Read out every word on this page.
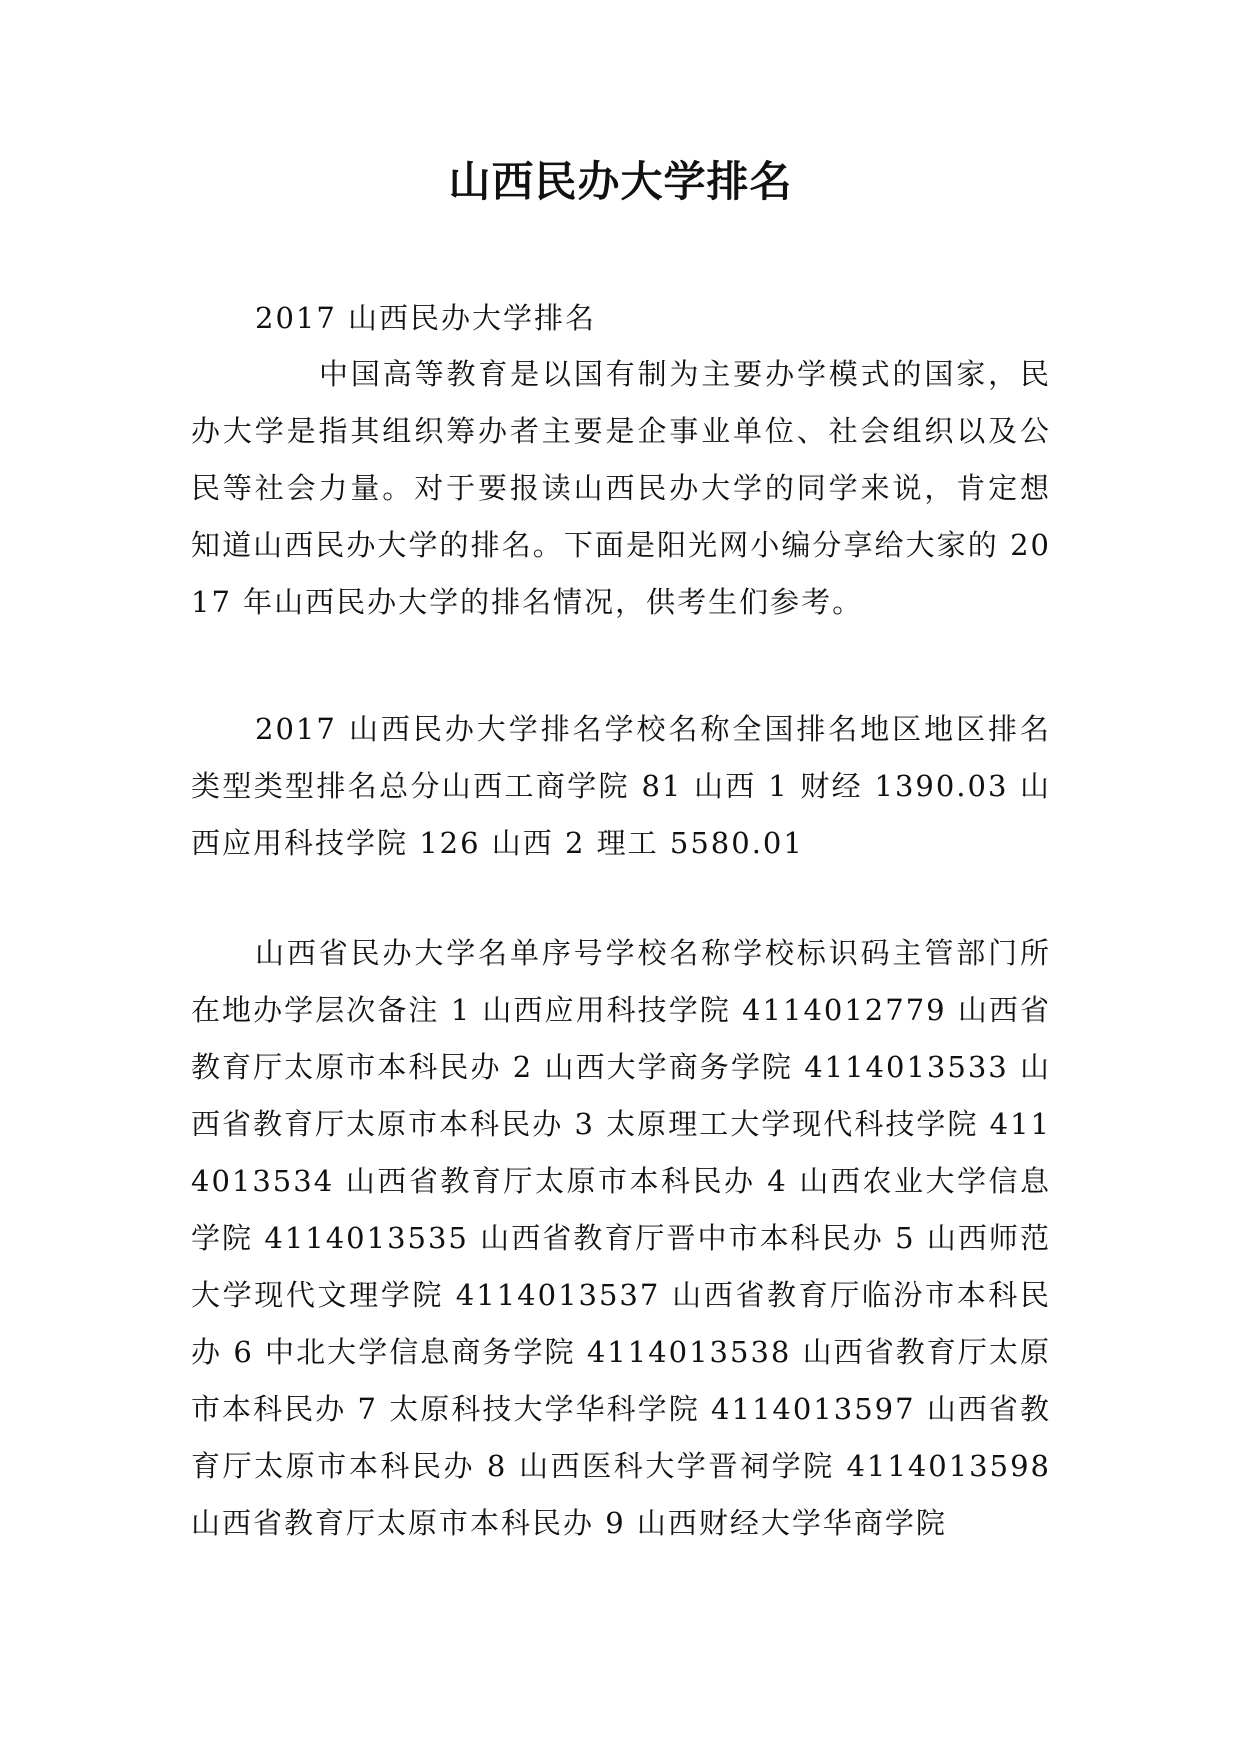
山西民办大学排名
2017 山西民办大学排名
中国高等教育是以国有制为主要办学模式的国家，民办大学是指其组织筹办者主要是企事业单位、社会组织以及公民等社会力量。对于要报读山西民办大学的同学来说，肯定想知道山西民办大学的排名。下面是阳光网小编分享给大家的 2017 年山西民办大学的排名情况，供考生们参考。
2017 山西民办大学排名学校名称全国排名地区地区排名类型类型排名总分山西工商学院 81 山西 1 财经 1390.03 山西应用科技学院 126 山西 2 理工 5580.01
山西省民办大学名单序号学校名称学校标识码主管部门所在地办学层次备注 1 山西应用科技学院 4114012779 山西省教育厅太原市本科民办 2 山西大学商务学院 4114013533 山西省教育厅太原市本科民办 3 太原理工大学现代科技学院 4114013534 山西省教育厅太原市本科民办 4 山西农业大学信息学院 4114013535 山西省教育厅晋中市本科民办 5 山西师范大学现代文理学院 4114013537 山西省教育厅临汾市本科民办 6 中北大学信息商务学院 4114013538 山西省教育厅太原市本科民办 7 太原科技大学华科学院 4114013597 山西省教育厅太原市本科民办 8 山西医科大学晋祠学院 4114013598 山西省教育厅太原市本科民办 9 山西财经大学华商学院
